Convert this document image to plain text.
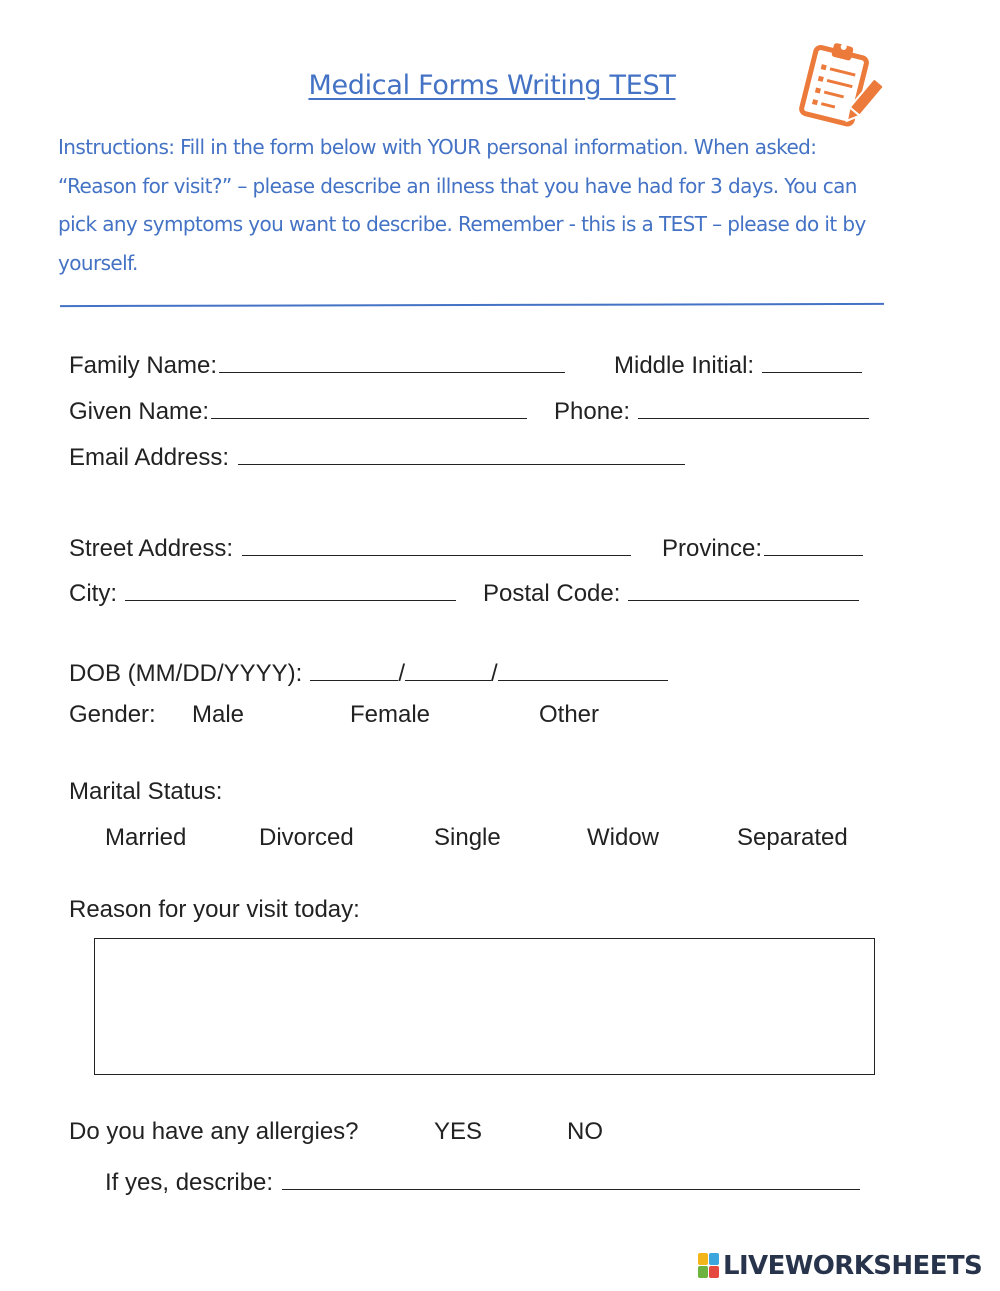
Medical Forms Writing TEST
Instructions: Fill in the form below with YOUR personal information. When asked: “Reason for visit?” – please describe an illness that you have had for 3 days. You can pick any symptoms you want to describe. Remember - this is a TEST – please do it by yourself.
Family Name:	Middle Initial:
Given Name:	Phone:
Email Address:
Street Address:	Province:
City:	Postal Code:
DOB (MM/DD/YYYY):	/	/
Gender: Male	Female	Other
Marital Status:
Married	Divorced	Single	Widow	Separated
Reason for your visit today:
Do you have any allergies?	YES	NO
If yes, describe:
LIVEWORKSHEETS
